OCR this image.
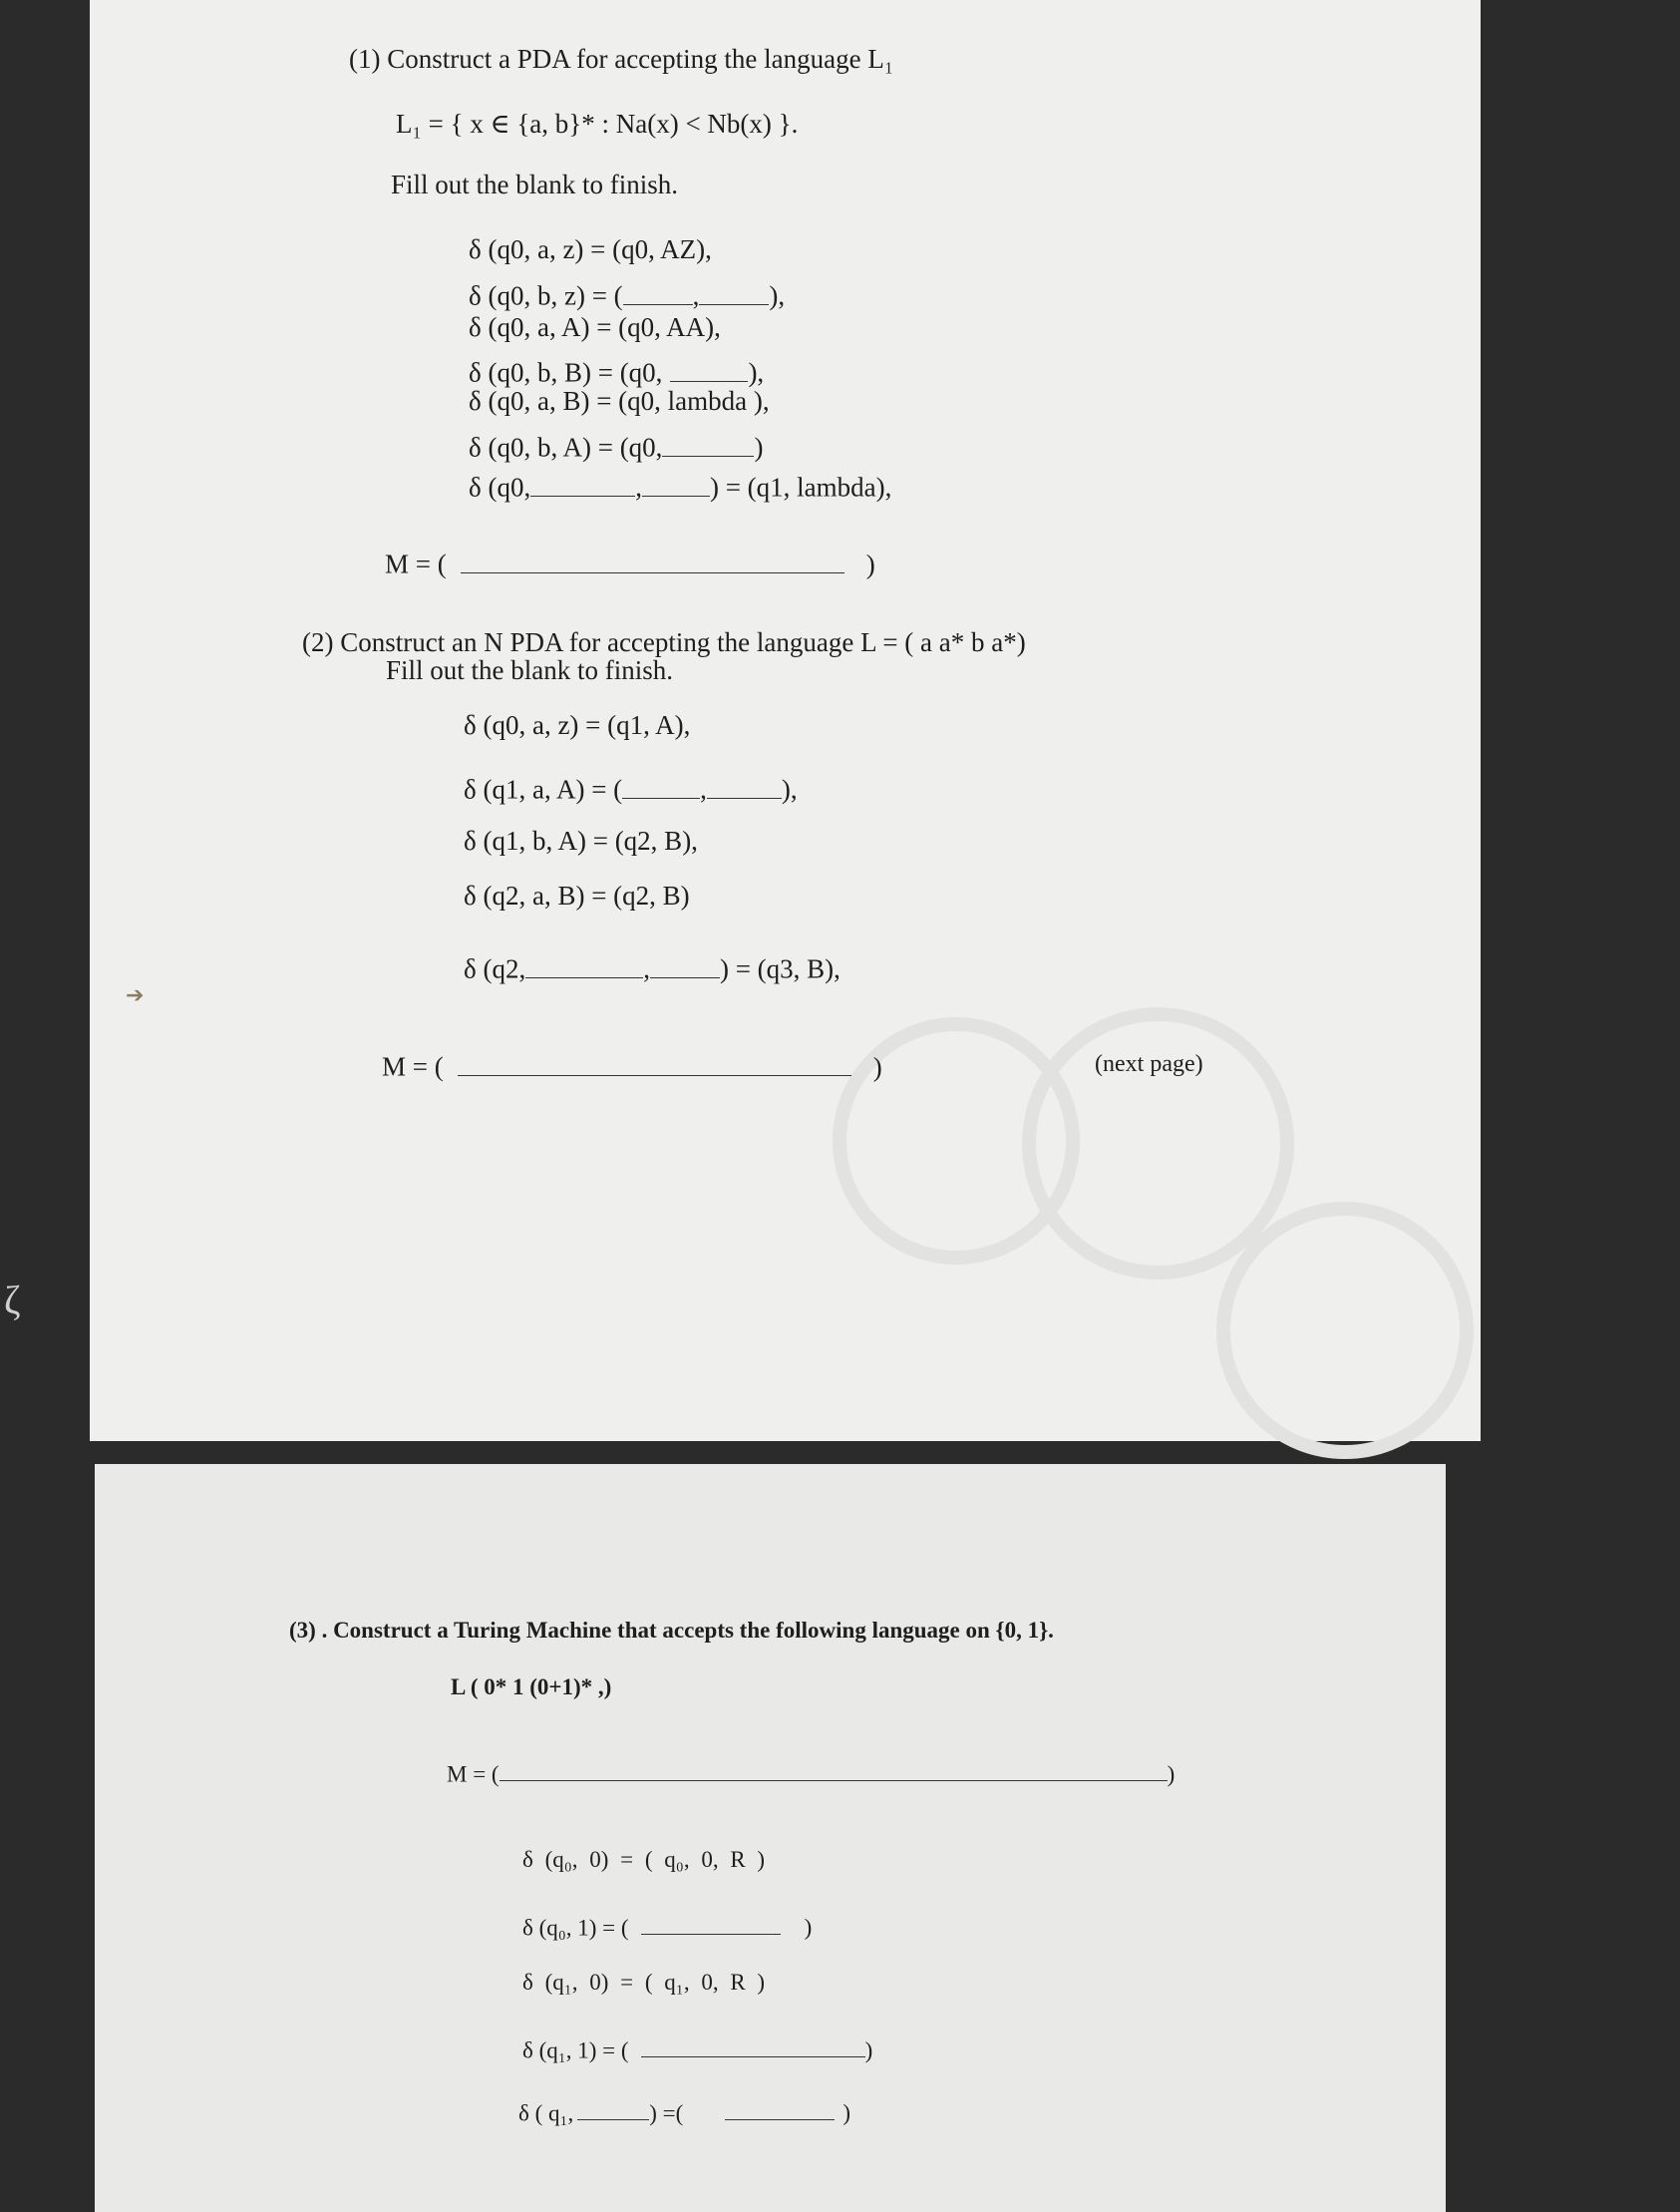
ζ
➔
(1) Construct a PDA for accepting the language L₁
L₁ = { x ∈ {a, b}* : Na(x) < Nb(x) }.
Fill out the blank to finish.
δ (q0, a, z) = (q0, AZ),
δ (q0, b, z) = (	,	),
δ (q0, a, A) = (q0, AA),
δ (q0, b, B) = (q0,	),
δ (q0, a, B) = (q0, lambda ),
δ (q0, b, A) = (q0,	)
δ (q0,	,	) = (q1, lambda),
M = (	)
(2) Construct an N PDA for accepting the language L = ( a a* b a*)
Fill out the blank to finish.
δ (q0, a, z) = (q1, A),
δ (q1, a, A) = (	,	),
δ (q1, b, A) = (q2, B),
δ (q2, a, B) = (q2, B)
δ (q2,	,	) = (q3, B),
M = (	)	(next page)
(3) . Construct a Turing Machine that accepts the following language on {0, 1}.
L ( 0* 1 (0+1)* ,)
M = (	)
δ (q₀, 0) = ( q₀, 0, R )
δ (q₀, 1) = (	)
δ (q₁, 0) = ( q₁, 0, R )
δ (q₁, 1) = (	)
δ ( q₁,	) =(	)
